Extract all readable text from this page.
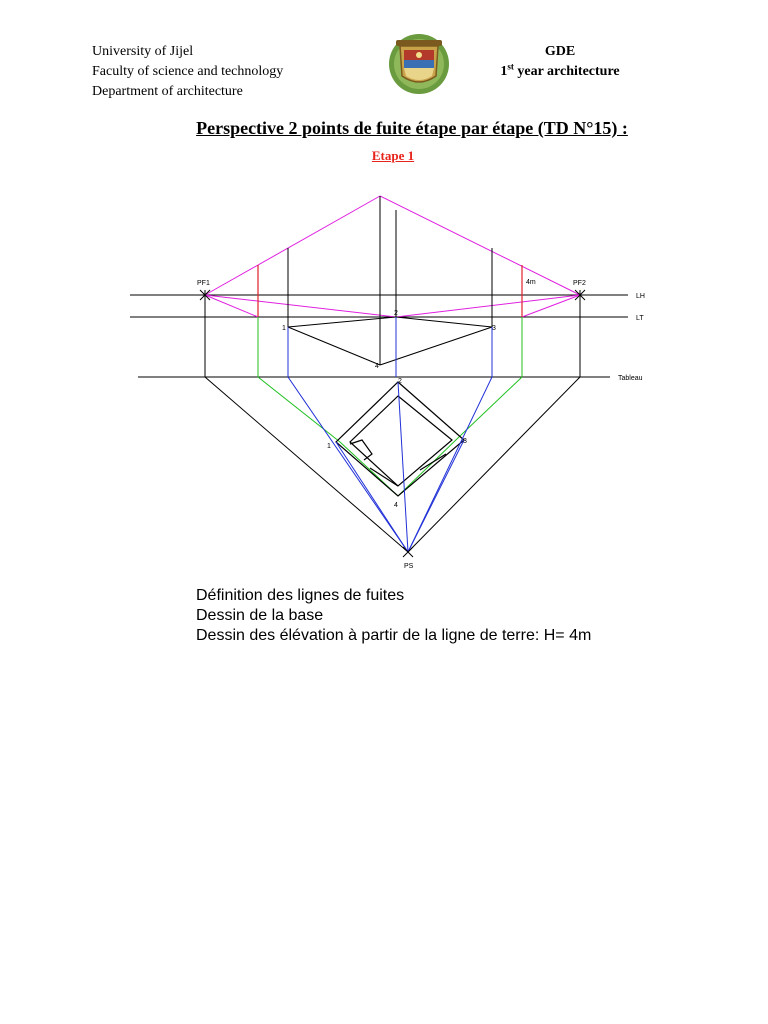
University of Jijel
Faculty of science and technology
Department of architecture
GDE
1st year architecture
Perspective 2 points de fuite étape par étape (TD N°15) :
Etape 1
PF1	PF2
LH
LT
Tableau
4m
PS
1
2
3
4
1
2
3
4
Définition des lignes de fuites
Dessin de la base
Dessin des élévation à partir de la ligne de terre: H= 4m
